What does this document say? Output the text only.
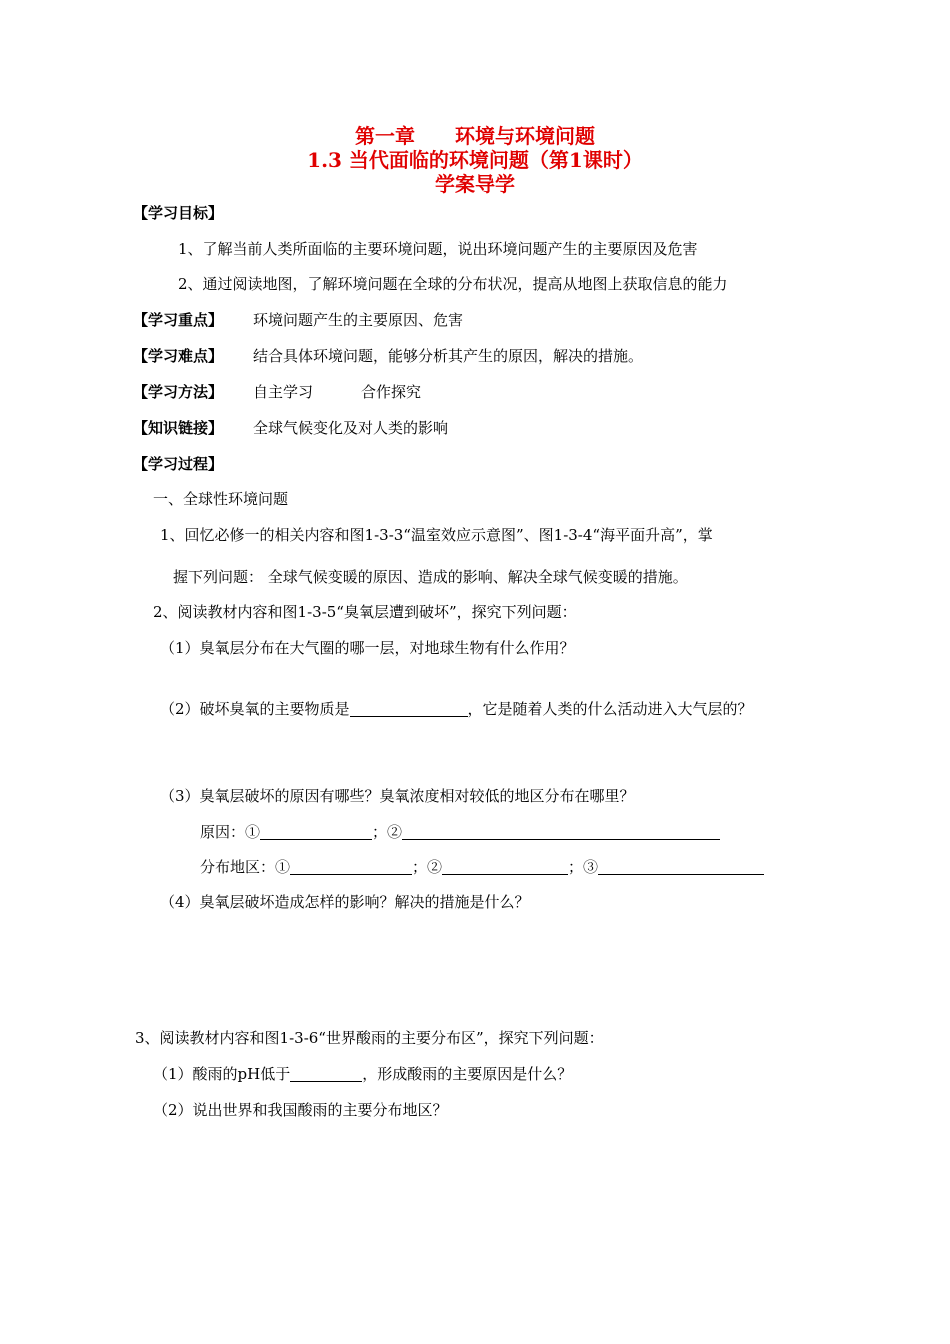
第一章 环境与环境问题
1.3 当代面临的环境问题（第1课时）
学案导学
【学习目标】
1、了解当前人类所面临的主要环境问题，说出环境问题产生的主要原因及危害
2、通过阅读地图，了解环境问题在全球的分布状况，提高从地图上获取信息的能力
【学习重点】 环境问题产生的主要原因、危害
【学习难点】 结合具体环境问题，能够分析其产生的原因，解决的措施。
【学习方法】 自主学习	合作探究
【知识链接】 全球气候变化及对人类的影响
【学习过程】
一、全球性环境问题
1、回忆必修一的相关内容和图1-3-3“温室效应示意图”、图1-3-4“海平面升高”，掌
握下列问题： 全球气候变暖的原因、造成的影响、解决全球气候变暖的措施。
2、阅读教材内容和图1-3-5“臭氧层遭到破坏”，探究下列问题：
（1）臭氧层分布在大气圈的哪一层，对地球生物有什么作用？
（2）破坏臭氧的主要物质是	，它是随着人类的什么活动进入大气层的？
（3）臭氧层破坏的原因有哪些？臭氧浓度相对较低的地区分布在哪里？
原因：①	；②
分布地区：①	；②	；③
（4）臭氧层破坏造成怎样的影响？解决的措施是什么？
3、阅读教材内容和图1-3-6“世界酸雨的主要分布区”，探究下列问题：
（1）酸雨的pH低于	，形成酸雨的主要原因是什么？
（2）说出世界和我国酸雨的主要分布地区？
